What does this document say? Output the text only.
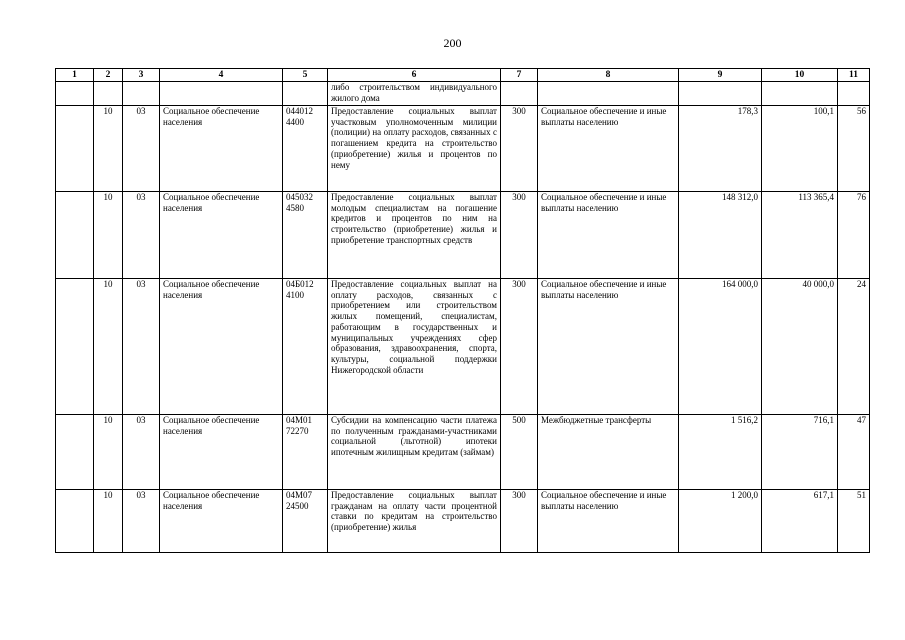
200
1	2	3	4	5	6	7	8	9	10	11
					либо строительством индивидуального жилого дома					
	10	03	Социальное обеспечение населения	044012 4400	Предоставление социальных выплат участковым уполномоченным милиции (полиции) на оплату расходов, связанных с погашением кредита на строительство (приобретение) жилья и процентов по нему	300	Социальное обеспечение и иные выплаты населению	178,3	100,1	56
	10	03	Социальное обеспечение населения	045032 4580	Предоставление социальных выплат молодым специалистам на погашение кредитов и процентов по ним на строительство (приобретение) жилья и приобретение транспортных средств	300	Социальное обеспечение и иные выплаты населению	148 312,0	113 365,4	76
	10	03	Социальное обеспечение населения	04Б012 4100	Предоставление социальных выплат на оплату расходов, связанных с приобретением или строительством жилых помещений, специалистам, работающим в государственных и муниципальных учреждениях сфер образования, здравоохранения, спорта, культуры, социальной поддержки Нижегородской области	300	Социальное обеспечение и иные выплаты населению	164 000,0	40 000,0	24
	10	03	Социальное обеспечение населения	04М01 72270	Субсидии на компенсацию части платежа по полученным гражданами-участниками социальной (льготной) ипотеки ипотечным жилищным кредитам (займам)	500	Межбюджетные трансферты	1 516,2	716,1	47
	10	03	Социальное обеспечение населения	04М07 24500	Предоставление социальных выплат гражданам на оплату части процентной ставки по кредитам на строительство (приобретение) жилья	300	Социальное обеспечение и иные выплаты населению	1 200,0	617,1	51
